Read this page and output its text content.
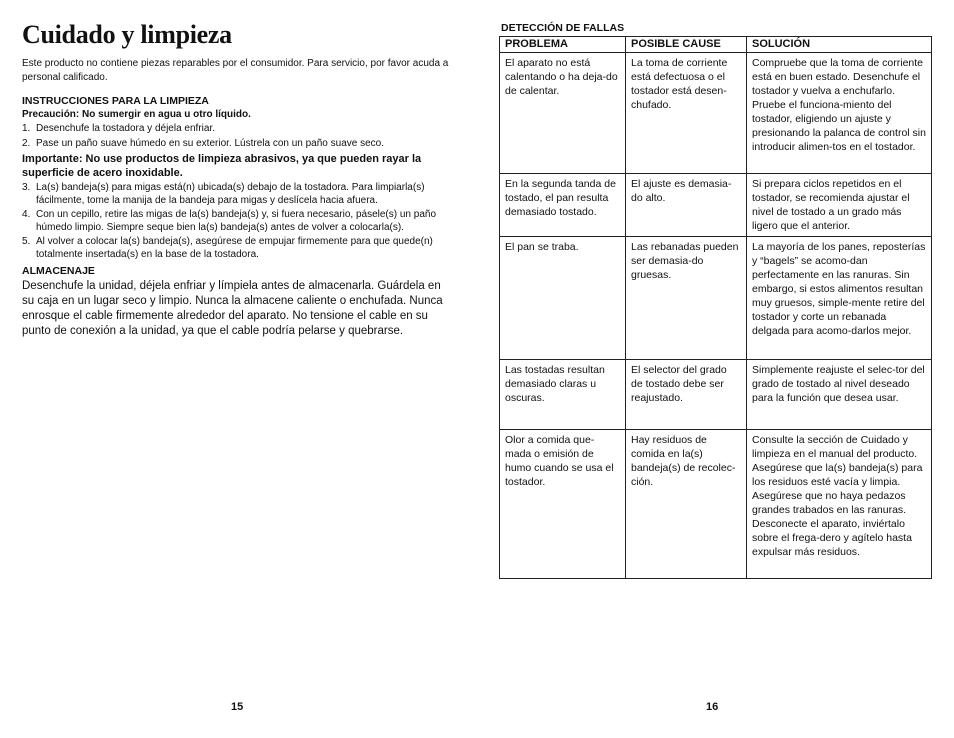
Cuidado y limpieza

Este producto no contiene piezas reparables por el consumidor. Para servicio, por favor acuda a personal calificado.

INSTRUCCIONES PARA LA LIMPIEZA

Precaución: No sumergir en agua u otro líquido.

1. Desenchufe la tostadora y déjela enfriar.
2. Pase un paño suave húmedo en su exterior. Lústrela con un paño suave seco.

Importante: No use productos de limpieza abrasivos, ya que pueden rayar la superficie de acero inoxidable.

3. La(s) bandeja(s) para migas está(n) ubicada(s) debajo de la tostadora. Para limpiarla(s) fácilmente, tome la manija de la bandeja para migas y deslícela hacia afuera.
4. Con un cepillo, retire las migas de la(s) bandeja(s) y, si fuera necesario, pásele(s) un paño húmedo limpio. Siempre seque bien la(s) bandeja(s) antes de volver a colocarla(s).
5. Al volver a colocar la(s) bandeja(s), asegúrese de empujar firmemente para que quede(n) totalmente insertada(s) en la base de la tostadora.

ALMACENAJE

Desenchufe la unidad, déjela enfriar y límpiela antes de almacenarla. Guárdela en su caja en un lugar seco y limpio. Nunca la almacene caliente o enchufada. Nunca enrosque el cable firmemente alrededor del aparato. No tensione el cable en su punto de conexión a la unidad, ya que el cable podría pelarse y quebrarse.

15

DETECCIÓN DE FALLAS

PROBLEMA	POSIBLE CAUSE	SOLUCIÓN
El aparato no está calentando o ha deja-do de calentar.	La toma de corriente está defectuosa o el tostador está desen-chufado.	Compruebe que la toma de corriente está en buen estado. Desenchufe el tostador y vuelva a enchufarlo. Pruebe el funciona-miento del tostador, eligiendo un ajuste y presionando la palanca de control sin introducir alimen-tos en el tostador.
En la segunda tanda de tostado, el pan resulta demasiado tostado.	El ajuste es demasia-do alto.	Si prepara ciclos repetidos en el tostador, se recomienda ajustar el nivel de tostado a un grado más ligero que el anterior.
El pan se traba.	Las rebanadas pueden ser demasia-do gruesas.	La mayoría de los panes, reposterías y “bagels” se acomo-dan perfectamente en las ranuras. Sin embargo, si estos alimentos resultan muy gruesos, simple-mente retire del tostador y corte un rebanada delgada para acomo-darlos mejor.
Las tostadas resultan demasiado claras u oscuras.	El selector del grado de tostado debe ser reajustado.	Simplemente reajuste el selec-tor del grado de tostado al nivel deseado para la función que desea usar.
Olor a comida que-mada o emisión de humo cuando se usa el tostador.	Hay residuos de comida en la(s) bandeja(s) de recolec-ción.	Consulte la sección de Cuidado y limpieza en el manual del producto. Asegúrese que la(s) bandeja(s) para los residuos esté vacía y limpia. Asegúrese que no haya pedazos grandes trabados en las ranuras. Desconecte el aparato, inviértalo sobre el frega-dero y agítelo hasta expulsar más residuos.
16
